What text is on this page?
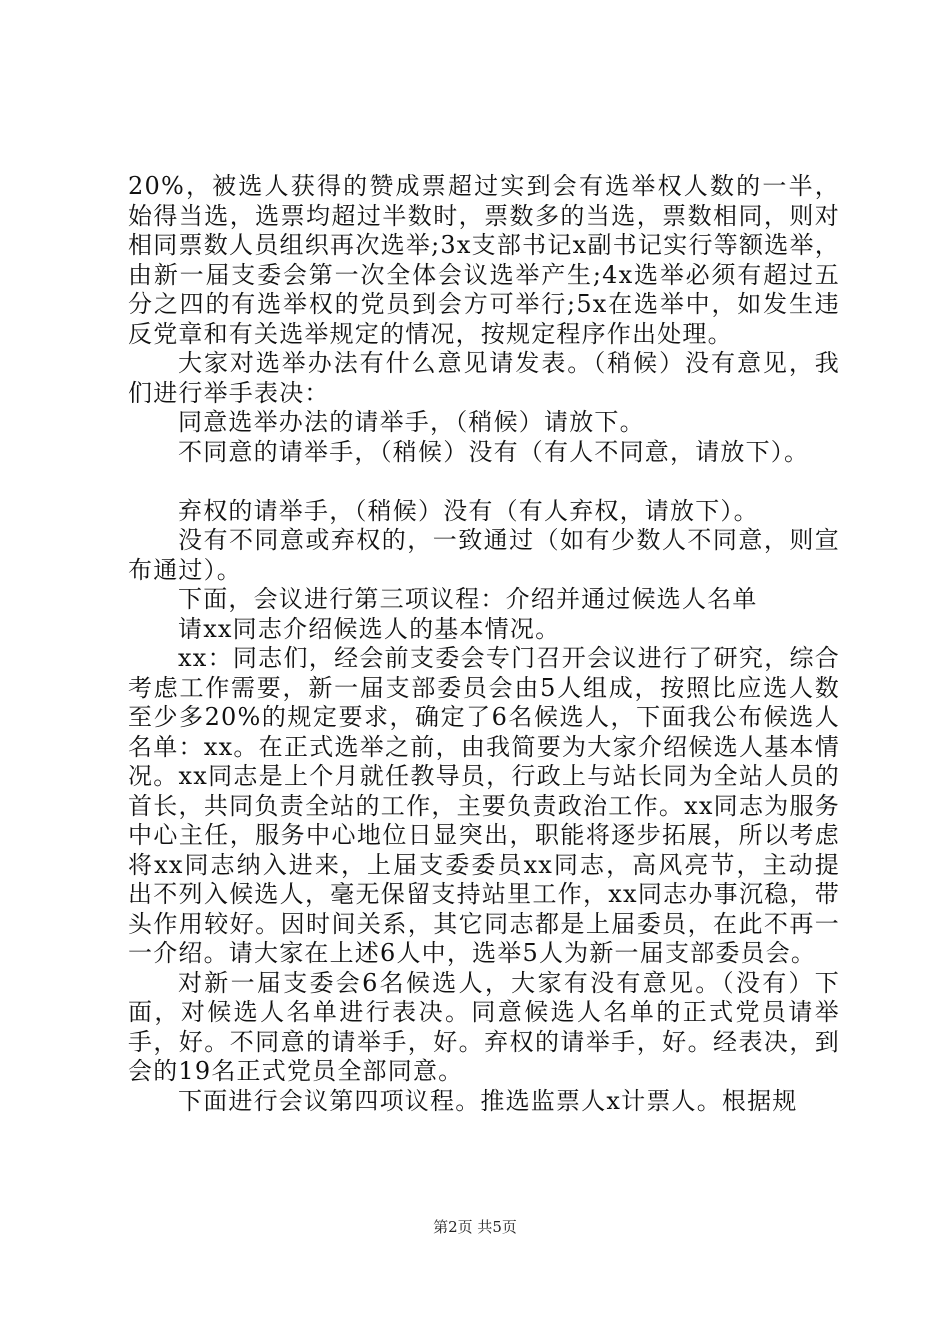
20%，被选人获得的赞成票超过实到会有选举权人数的一半，始得当选，选票均超过半数时，票数多的当选，票数相同，则对相同票数人员组织再次选举;3x支部书记x副书记实行等额选举，由新一届支委会第一次全体会议选举产生;4x选举必须有超过五分之四的有选举权的党员到会方可举行;5x在选举中，如发生违反党章和有关选举规定的情况，按规定程序作出处理。

大家对选举办法有什么意见请发表。（稍候）没有意见，我们进行举手表决：

同意选举办法的请举手，（稍候）请放下。

不同意的请举手，（稍候）没有（有人不同意，请放下）。

弃权的请举手，（稍候）没有（有人弃权，请放下）。

没有不同意或弃权的，一致通过（如有少数人不同意，则宣布通过）。

下面，会议进行第三项议程：介绍并通过候选人名单

请xx同志介绍候选人的基本情况。

xx：同志们，经会前支委会专门召开会议进行了研究，综合考虑工作需要，新一届支部委员会由5人组成，按照比应选人数至少多20%的规定要求，确定了6名候选人，下面我公布候选人名单：xx。在正式选举之前，由我简要为大家介绍候选人基本情况。xx同志是上个月就任教导员，行政上与站长同为全站人员的首长，共同负责全站的工作，主要负责政治工作。xx同志为服务中心主任，服务中心地位日显突出，职能将逐步拓展，所以考虑将xx同志纳入进来，上届支委委员xx同志，高风亮节，主动提出不列入候选人，毫无保留支持站里工作，xx同志办事沉稳，带头作用较好。因时间关系，其它同志都是上届委员，在此不再一一介绍。请大家在上述6人中，选举5人为新一届支部委员会。

对新一届支委会6名候选人，大家有没有意见。（没有）下面，对候选人名单进行表决。同意候选人名单的正式党员请举手，好。不同意的请举手，好。弃权的请举手，好。经表决，到会的19名正式党员全部同意。

下面进行会议第四项议程。推选监票人x计票人。根据规

第2页 共5页
